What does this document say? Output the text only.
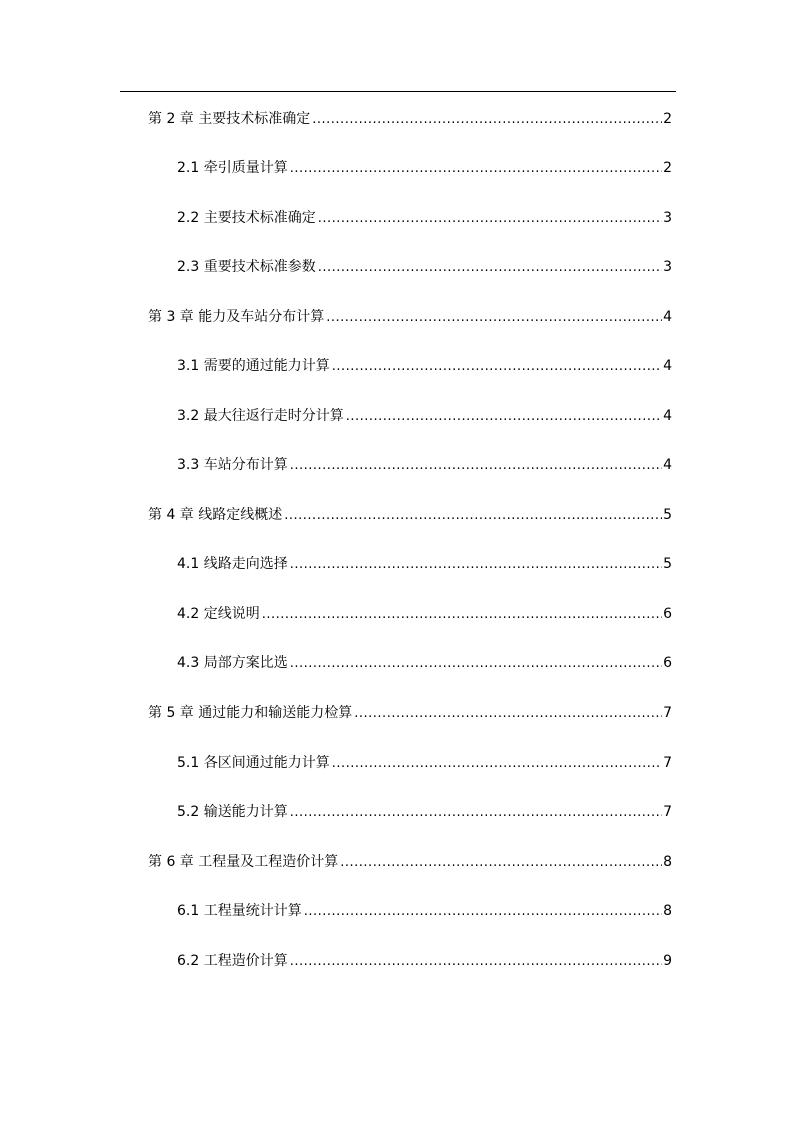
第 2 章 主要技术标准确定 .....	2
2.1 牵引质量计算 .....	2
2.2 主要技术标准确定 .....	3
2.3 重要技术标准参数 .....	3
第 3 章 能力及车站分布计算 .....	4
3.1 需要的通过能力计算 .....	4
3.2 最大往返行走时分计算 .....	4
3.3 车站分布计算 .....	4
第 4 章 线路定线概述 .....	5
4.1 线路走向选择 .....	5
4.2 定线说明 .....	6
4.3 局部方案比选 .....	6
第 5 章 通过能力和输送能力检算 .....	7
5.1 各区间通过能力计算 .....	7
5.2 输送能力计算 .....	7
第 6 章 工程量及工程造价计算 .....	8
6.1 工程量统计计算 .....	8
6.2 工程造价计算 .....	9
